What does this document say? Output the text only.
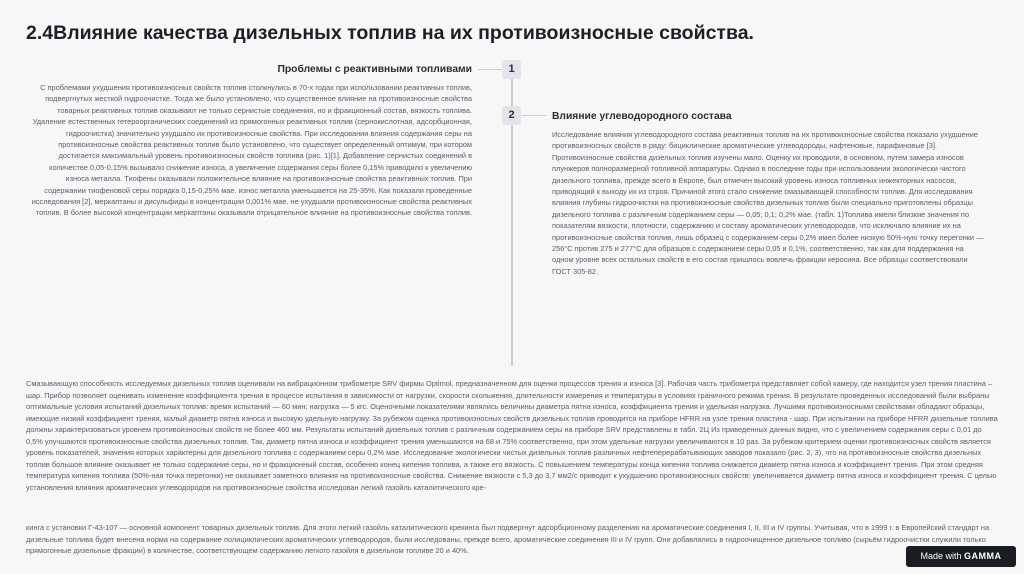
2.4Влияние качества дизельных топлив на их противоизносные свойства.
1
2
Проблемы с реактивными топливами

С проблемами ухудшения противоизносных свойств топлив столкнулись в 70-х годах при использовании реактивных топлив, подвергнутых жесткой гидроочистке. Тогда же было установлено, что существенное влияние на противоизносные свойства товарных реактивных топлив оказывают не только сернистые соединения, но и фракционный состав, вязкость топлива. Удаление естественных гетероорганических соединений из прямогонных реактивных топлив (сернокислотная, адсорбционная, гидроочистка) значительно ухудшало их противоизносные свойства. При исследовании влияния содержания серы на противоизносные свойства реактивных топлив было установлено, что существует определенный оптимум, при котором достигается максимальный уровень противоизносных свойств топлива (рис. 1)[1]. Добавление сернистых соединений в количестве 0,05-0,15% вызывало снижение износа, а увеличение содержания серы более 0,15% приводило к увеличению износа металла. Тиофены оказывали положительное влияние на противоизносные свойства реактивных топлив. При содержании тиофеновой серы порядка 0,15-0,25% мае. износ металла уменьшается на 25-35%. Как показали проведенные исследования [2], меркаптаны и дисульфиды в концентрации 0,001% мае. не ухудшали противоизносные свойства реактивных топлив. В более высокой концентрации меркаптаны оказывали отрицательное влияние на противоизносные свойства топлив.

Влияние углеводородного состава

Исследование влияния углеводородного состава реактивных топлив на их противоизносные свойства показало ухудшение противоизносных свойств в ряду: бициклические ароматические углеводороды, нафтеновые, парафиновые [3]. Противоизносные свойства дизельных топлив изучены мало. Оценку их проводили, в основном, путем замера износов плунжеров полноразмерной топливной аппаратуры. Однако в последние годы при использовании экологически чистого дизельного топлива, прежде всего в Европе, был отмечен высокий уровень износа топливных инжекторных насосов, приводящий к выходу их из строя. Причиной этого стало снижение смазывающей способности топлив. Для исследования влияния глубины гидроочистки на противоизносные свойства дизельных топлив были специально приготовлены образцы дизельного топлива с различным содержанием серы — 0,05; 0,1; 0,2% мае. (табл. 1)Топлива имели близкие значения по показателям вязкости, плотности, содержанию и составу ароматических углеводородов, что исключало влияние их на противоизносные свойства топлив, лишь образец с содержанием серы 0,2% имел более низкую 50%-ную точку перегонки — 256°С против 275 и 277°С для образцов с содержанием серы 0,05 и 0,1%, соответственно, так как для поддержания на одном уровне всех остальных свойств в его состав пришлось вовлечь фракции керосина. Все образцы соответствовали ГОСТ 305-82.

Смазывающую способность исследуемых дизельных топлив оценивали на вибрационном трибометре SRV фирмы Optimol, предназначенном для оценки процессов трения и износа [3]. Рабочая часть трибометра представляет собой камеру, где находится узел трения пластина – шар. Прибор позволяет оценивать изменение коэффициента трения в процессе испытания в зависимости от нагрузки, скорости скольжения, длительности измерения и температуры в условиях граничного режима трения. В результате проведенных исследований были выбраны оптимальные условия испытаний дизельных топлив: время испытаний — 60 мин; нагрузка — 5 кгс. Оценочными показателями являлись величины диаметра пятна износа, коэффициента трения и удельная нагрузка. Лучшими противоизносными свойствами обладают образцы, имеющие низкий коэффициент трения, малый диаметр пятна износа и высокую удельную нагрузку. За рубежом оценка противоизносных свойств дизельных топлив проводится на приборе HFRR на узле трения пластина - шар. При испытании на приборе HFRR дизельные топлива должны характеризоваться уровнем противоизносных свойств не более 460 мм. Результаты испытаний дизельных топлив с различным содержанием серы на приборе SRV представлены в табл. 2Ц Из приведенных данных видно, что с увеличением содержания серы с 0,01 до 0,5% улучшаются противоизносные свойства дизельных топлив. Так, диаметр пятна износа и коэффициент трения уменьшаются на 68 и 75% соответственно, при этом удельные нагрузки увеличиваются в 10 раз. За рубежом критерием оценки противоизносных свойств является уровень показателей, значения которых характерны для дизельного топлива с содержанием серы 0,2% мае. Исследование экологически чистых дизельных топлив различных нефтеперерабатывающих заводов показало (рис. 2, 3), что на противоизносные свойства дизельных топлив большое влияние оказывает не только содержание серы, но и фракционный состав, особенно конец кипения топлива, а также его вязкость. С повышением температуры конца кипения топлива снижается диаметр пятна износа и коэффициент трения. При этом средняя температура кипения топлива (50%-ная точка перегонки) не оказывает заметного влияния на противоизносные свойства. Снижение вязкости с 5,3 до 3,7 мм2/с приводит к ухудшению противоизносных свойств: увеличивается диаметр пятна износа и коэффициент трения. С целью установления влияния ароматических углеводородов на противоизносные свойства исследован легкий газойль каталитического кре-

кинга с установки Г-43-107 — основной компонент товарных дизельных топлив. Для этого легкий газойль каталитического крекинга был подвергнут адсорбционному разделению на ароматические соединения I, II, III и IV группы. Учитывая, что в 1999 г. в Европейский стандарт на дизельные топлива будет внесена норма на содержание полициклических ароматических углеводородов, были исследованы, прежде всего, ароматические соединения III и IV групп. Они добавлялись в гидроочищенное дизельное топливо (сырьём гидроочистки служили только прямогонные дизельные фракции) в количестве, соответствующем содержанию легкого газойля в дизельном топливе 20 и 40%.

Made with GAMMA
